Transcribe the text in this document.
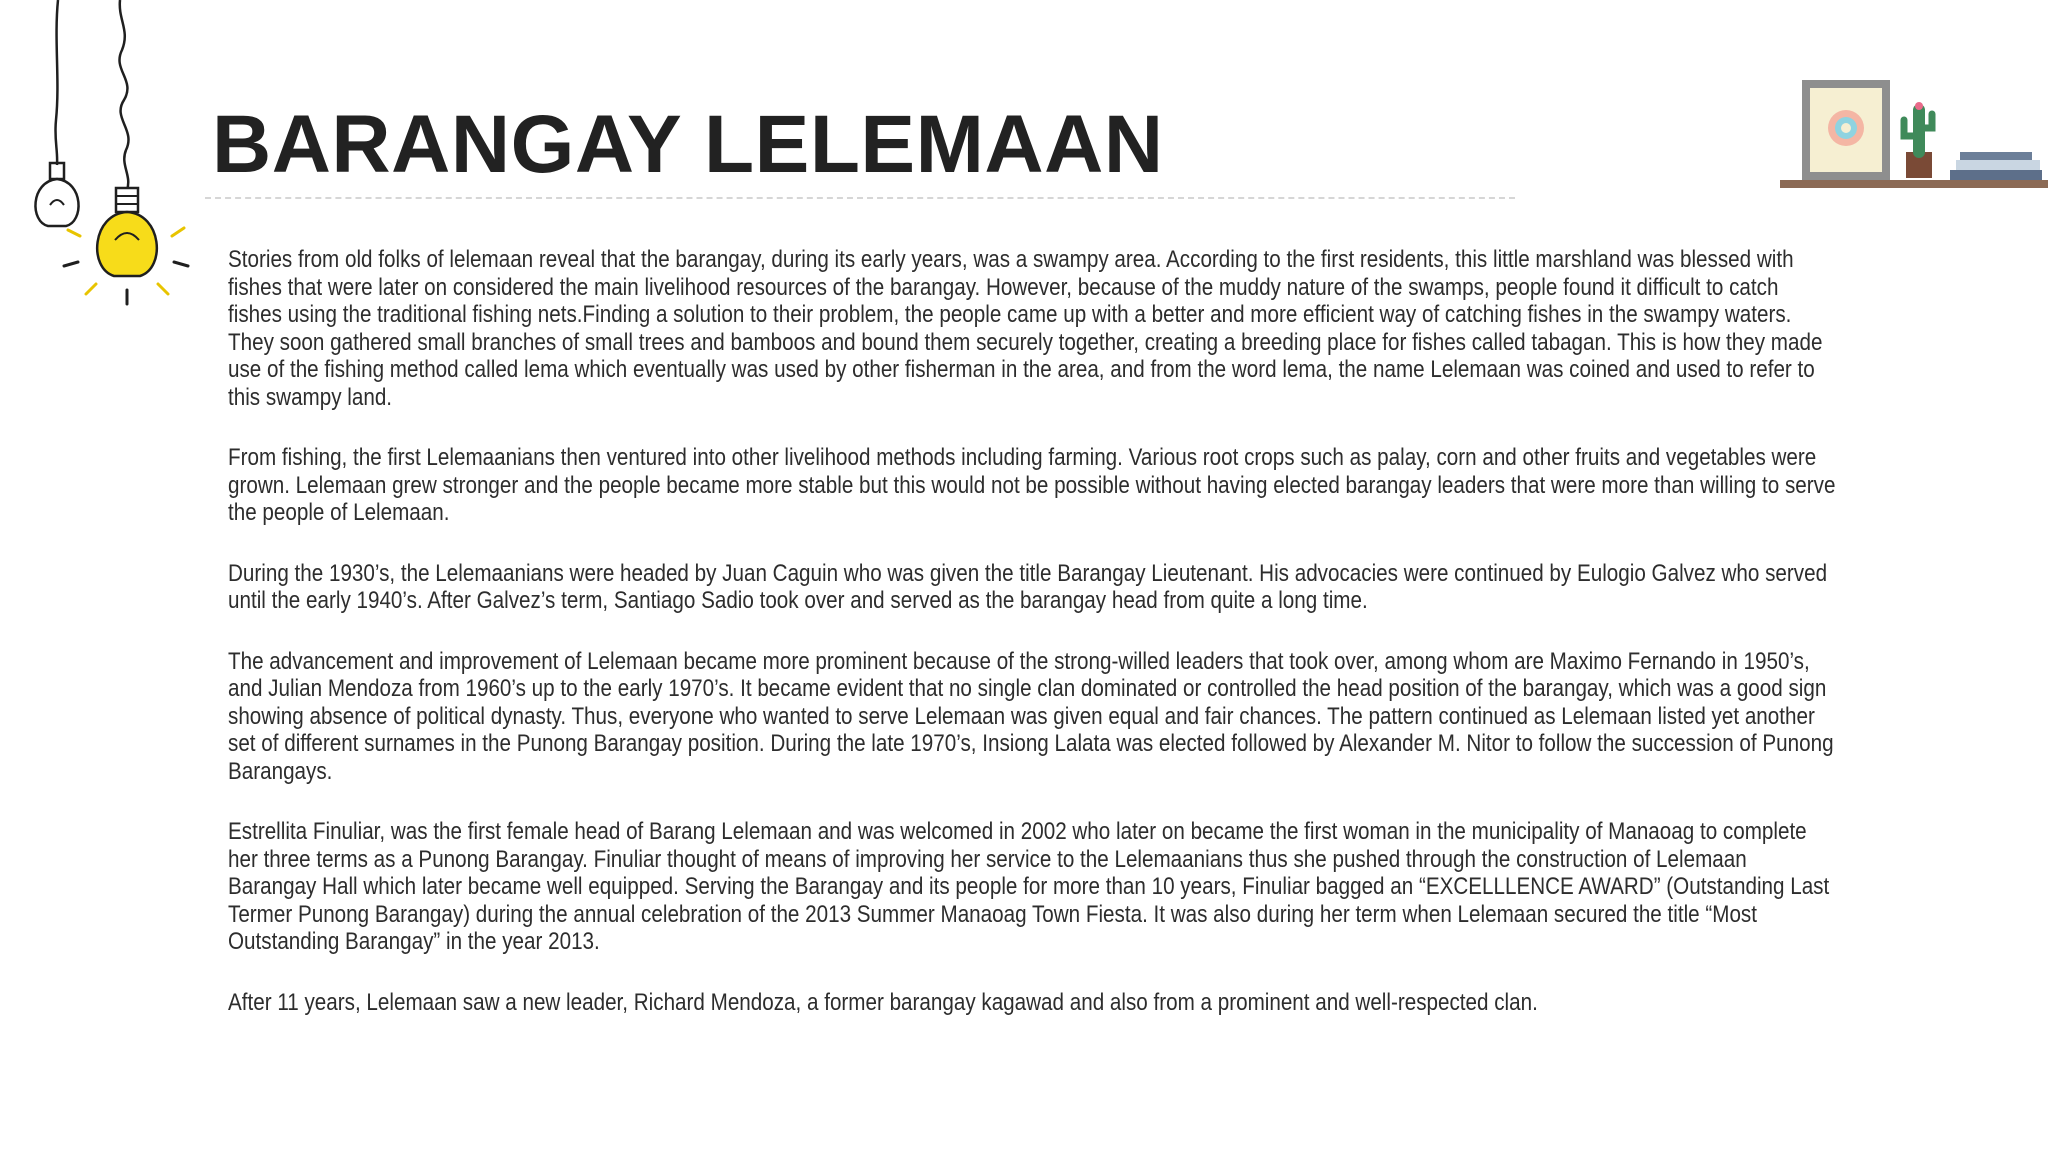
BARANGAY LELEMAAN

Stories from old folks of lelemaan reveal that the barangay, during its early years, was a swampy area. According to the first residents, this little marshland was blessed with fishes that were later on considered the main livelihood resources of the barangay. However, because of the muddy nature of the swamps, people found it difficult to catch fishes using the traditional fishing nets.Finding a solution to their problem, the people came up with a better and more efficient way of catching fishes in the swampy waters. They soon gathered small branches of small trees and bamboos and bound them securely together, creating a breeding place for fishes called tabagan. This is how they made use of the fishing method called lema which eventually was used by other fisherman in the area, and from the word lema, the name Lelemaan was coined and used to refer to this swampy land.

From fishing, the first Lelemaanians then ventured into other livelihood methods including farming. Various root crops such as palay, corn and other fruits and vegetables were grown. Lelemaan grew stronger and the people became more stable but this would not be possible without having elected barangay leaders that were more than willing to serve the people of Lelemaan.

During the 1930’s, the Lelemaanians were headed by Juan Caguin who was given the title Barangay Lieutenant. His advocacies were continued by Eulogio Galvez who served until the early 1940’s. After Galvez’s term, Santiago Sadio took over and served as the barangay head from quite a long time.

The advancement and improvement of Lelemaan became more prominent because of the strong-willed leaders that took over, among whom are Maximo Fernando in 1950’s, and Julian Mendoza from 1960’s up to the early 1970’s. It became evident that no single clan dominated or controlled the head position of the barangay, which was a good sign showing absence of political dynasty. Thus, everyone who wanted to serve Lelemaan was given equal and fair chances. The pattern continued as Lelemaan listed yet another set of different surnames in the Punong Barangay position. During the late 1970’s, Insiong Lalata was elected followed by Alexander M. Nitor to follow the succession of Punong Barangays.

Estrellita Finuliar, was the first female head of Barang Lelemaan and was welcomed in 2002 who later on became the first woman in the municipality of Manaoag to complete her three terms as a Punong Barangay. Finuliar thought of means of improving her service to the Lelemaanians thus she pushed through the construction of Lelemaan Barangay Hall which later became well equipped. Serving the Barangay and its people for more than 10 years, Finuliar bagged an “EXCELLLENCE AWARD” (Outstanding Last Termer Punong Barangay) during the annual celebration of the 2013 Summer Manaoag Town Fiesta. It was also during her term when Lelemaan secured the title “Most Outstanding Barangay” in the year 2013.

After 11 years, Lelemaan saw a new leader, Richard Mendoza, a former barangay kagawad and also from a prominent and well-respected clan.
